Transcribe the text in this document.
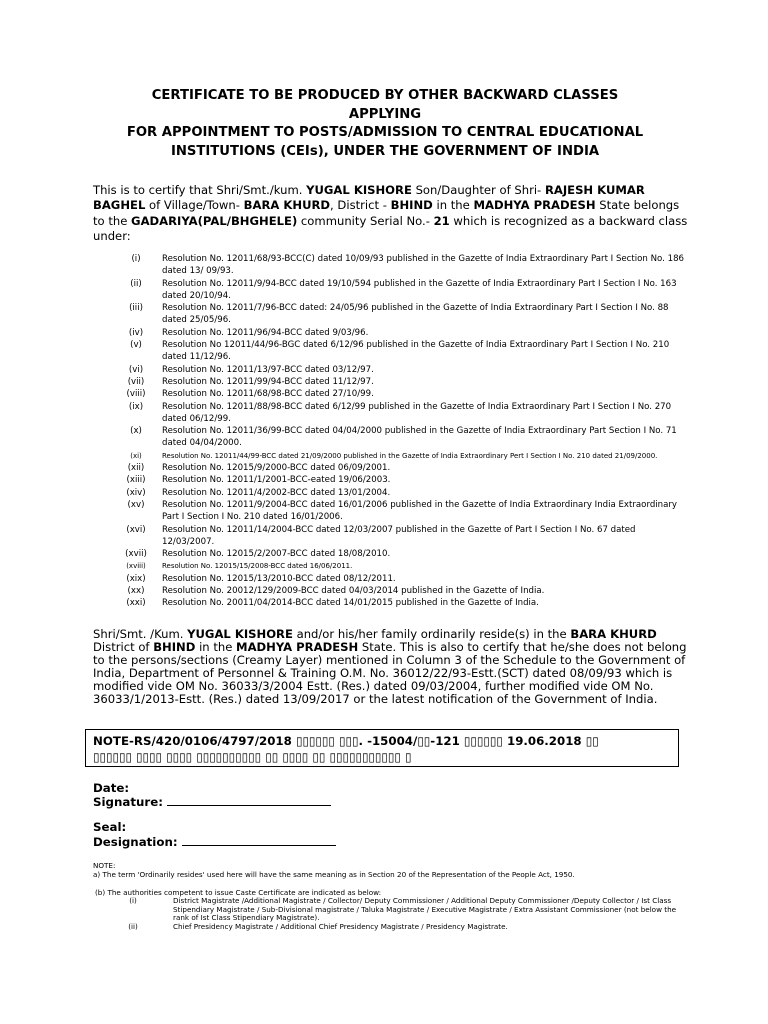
CERTIFICATE TO BE PRODUCED BY OTHER BACKWARD CLASSES
APPLYING
FOR APPOINTMENT TO POSTS/ADMISSION TO CENTRAL EDUCATIONAL
INSTITUTIONS (CEIs), UNDER THE GOVERNMENT OF INDIA
This is to certify that Shri/Smt./kum. YUGAL KISHORE Son/Daughter of Shri- RAJESH KUMAR BAGHEL of Village/Town- BARA KHURD, District - BHIND in the MADHYA PRADESH State belongs to the GADARIYA(PAL/BHGHELE) community Serial No.- 21 which is recognized as a backward class under:
(i)	Resolution No. 12011/68/93-BCC(C) dated 10/09/93 published in the Gazette of India Extraordinary Part I Section No. 186 dated 13/ 09/93.
(ii)	Resolution No. 12011/9/94-BCC dated 19/10/594 published in the Gazette of India Extraordinary Part I Section I No. 163 dated 20/10/94.
(iii)	Resolution No. 12011/7/96-BCC dated: 24/05/96 published in the Gazette of India Extraordinary Part I Section I No. 88 dated 25/05/96.
(iv)	Resolution No. 12011/96/94-BCC dated 9/03/96.
(v)	Resolution No 12011/44/96-BGC dated 6/12/96 published in the Gazette of India Extraordinary Part I Section I No. 210 dated 11/12/96.
(vi)	Resolution No. 12011/13/97-BCC dated 03/12/97.
(vii)	Resolution No. 12011/99/94-BCC dated 11/12/97.
(viii)	Resolution No. 12011/68/98-BCC dated 27/10/99.
(ix)	Resolution No. 12011/88/98-BCC dated 6/12/99 published in the Gazette of India Extraordinary Part I Section I No. 270 dated 06/12/99.
(x)	Resolution No. 12011/36/99-BCC dated 04/04/2000 published in the Gazette of India Extraordinary Part Section I No. 71 dated 04/04/2000.
(xi)	Resolution No. 12011/44/99-BCC dated 21/09/2000 published in the Gazette of India Extraordinary Pert I Section I No. 210 dated 21/09/2000.
(xii)	Resolution No. 12015/9/2000-BCC dated 06/09/2001.
(xiii)	Resolution No. 12011/1/2001-BCC-eated 19/06/2003.
(xiv)	Resolution No. 12011/4/2002-BCC dated 13/01/2004.
(xv)	Resolution No. 12011/9/2004-BCC dated 16/01/2006 published in the Gazette of India Extraordinary India Extraordinary Part I Section I No. 210 dated 16/01/2006.
(xvi)	Resolution No. 12011/14/2004-BCC dated 12/03/2007 published in the Gazette of Part I Section I No. 67 dated 12/03/2007.
(xvii)	Resolution No. 12015/2/2007-BCC dated 18/08/2010.
(xviii)	Resolution No. 12015/15/2008-BCC dated 16/06/2011.
(xix)	Resolution No. 12015/13/2010-BCC dated 08/12/2011.
(xx)	Resolution No. 20012/129/2009-BCC dated 04/03/2014 published in the Gazette of India.
(xxi)	Resolution No. 20011/04/2014-BCC dated 14/01/2015 published in the Gazette of India.
Shri/Smt. /Kum. YUGAL KISHORE and/or his/her family ordinarily reside(s) in the BARA KHURD District of BHIND in the MADHYA PRADESH State. This is also to certify that he/she does not belong to the persons/sections (Creamy Layer) mentioned in Column 3 of the Schedule to the Government of India, Department of Personnel & Training O.M. No. 36012/22/93-Estt.(SCT) dated 08/09/93 which is modified vide OM No. 36033/3/2004 Estt. (Res.) dated 09/03/2004, further modified vide OM No. 36033/1/2013-Estt. (Res.) dated 13/09/2017 or the latest notification of the Government of India.
NOTE-RS/420/0106/4797/2018 ▯▯▯▯▯▯ ▯▯▯. -15004/▯▯-121 ▯▯▯▯▯▯ 19.06.2018 ▯▯
▯▯▯▯▯▯ ▯▯▯▯ ▯▯▯▯ ▯▯▯▯▯▯▯▯▯▯ ▯▯ ▯▯▯▯ ▯▯ ▯▯▯▯▯▯▯▯▯▯▯ ▯
Date:
Signature:
Seal:
Designation:
NOTE:
a) The term 'Ordinarily resides' used here will have the same meaning as in Section 20 of the Representation of the People Act, 1950.
(b) The authorities competent to issue Caste Certificate are indicated as below:
(i)	District Magistrate /Additional Magistrate / Collector/ Deputy Commissioner / Additional Deputy Commissioner /Deputy Collector / Ist Class Stipendiary Magistrate / Sub-Divisional magistrate / Taluka Magistrate / Executive Magistrate / Extra Assistant Commissioner (not below the rank of Ist Class Stipendiary Magistrate).
(ii)	Chief Presidency Magistrate / Additional Chief Presidency Magistrate / Presidency Magistrate.
